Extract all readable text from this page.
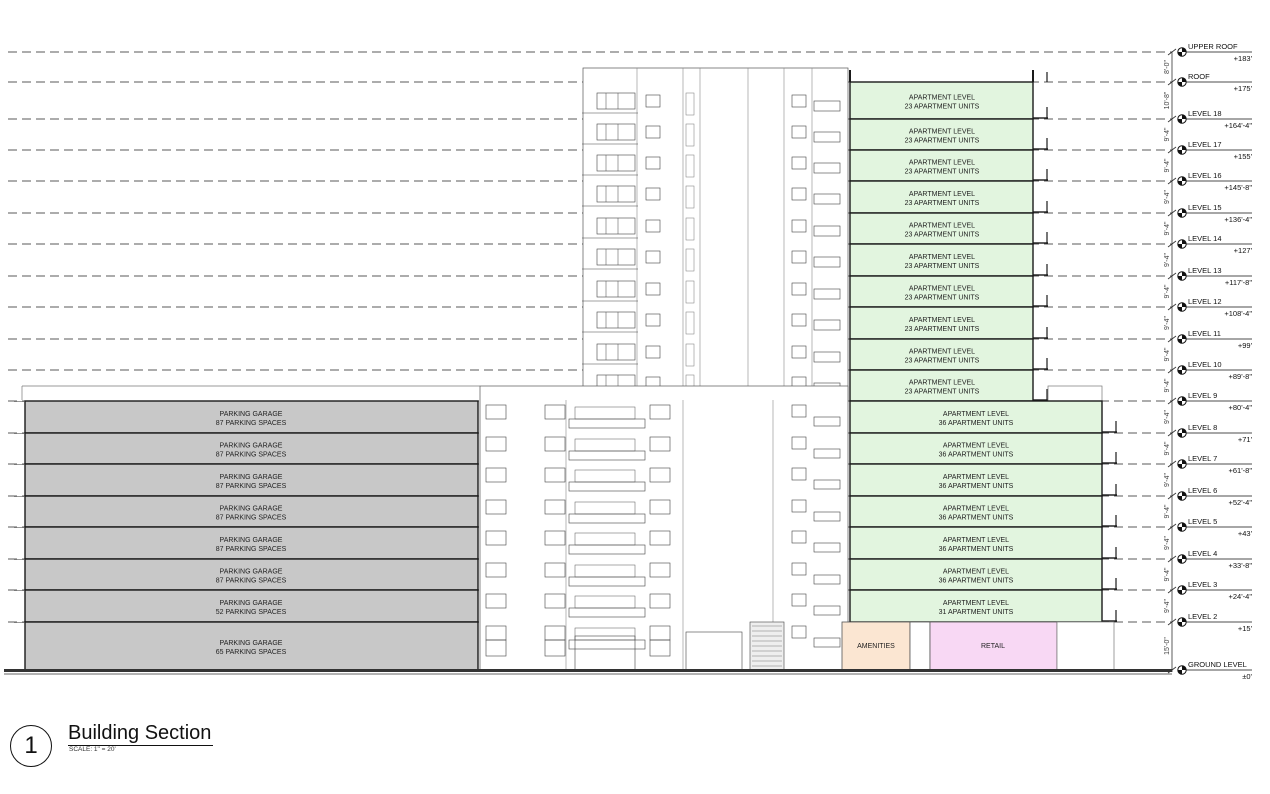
PARKING GARAGE
87 PARKING SPACES
PARKING GARAGE
87 PARKING SPACES
PARKING GARAGE
87 PARKING SPACES
PARKING GARAGE
87 PARKING SPACES
PARKING GARAGE
87 PARKING SPACES
PARKING GARAGE
87 PARKING SPACES
PARKING GARAGE
52 PARKING SPACES
PARKING GARAGE
65 PARKING SPACES
APARTMENT LEVEL
23 APARTMENT UNITS
APARTMENT LEVEL
23 APARTMENT UNITS
APARTMENT LEVEL
23 APARTMENT UNITS
APARTMENT LEVEL
23 APARTMENT UNITS
APARTMENT LEVEL
23 APARTMENT UNITS
APARTMENT LEVEL
23 APARTMENT UNITS
APARTMENT LEVEL
23 APARTMENT UNITS
APARTMENT LEVEL
23 APARTMENT UNITS
APARTMENT LEVEL
23 APARTMENT UNITS
APARTMENT LEVEL
23 APARTMENT UNITS
APARTMENT LEVEL
36 APARTMENT UNITS
APARTMENT LEVEL
36 APARTMENT UNITS
APARTMENT LEVEL
36 APARTMENT UNITS
APARTMENT LEVEL
36 APARTMENT UNITS
APARTMENT LEVEL
36 APARTMENT UNITS
APARTMENT LEVEL
36 APARTMENT UNITS
APARTMENT LEVEL
31 APARTMENT UNITS
AMENITIES	RETAIL
UPPER ROOF
+183'
ROOF
+175'
LEVEL 18
+164'-4"
LEVEL 17
+155'
LEVEL 16
+145'-8"
LEVEL 15
+136'-4"
LEVEL 14
+127'
LEVEL 13
+117'-8"
LEVEL 12
+108'-4"
LEVEL 11
+99'
LEVEL 10
+89'-8"
LEVEL 9
+80'-4"
LEVEL 8
+71'
LEVEL 7
+61'-8"
LEVEL 6
+52'-4"
LEVEL 5
+43'
LEVEL 4
+33'-8"
LEVEL 3
+24'-4"
LEVEL 2
+15'
GROUND LEVEL
±0'
8'-0"
10'-8"
9'-4"
9'-4"
9'-4"
9'-4"
9'-4"
9'-4"
9'-4"
9'-4"
9'-4"
9'-4"
9'-4"
9'-4"
9'-4"
9'-4"
9'-4"
9'-4"
15'-0"
1	Building Section
SCALE: 1" = 20'
